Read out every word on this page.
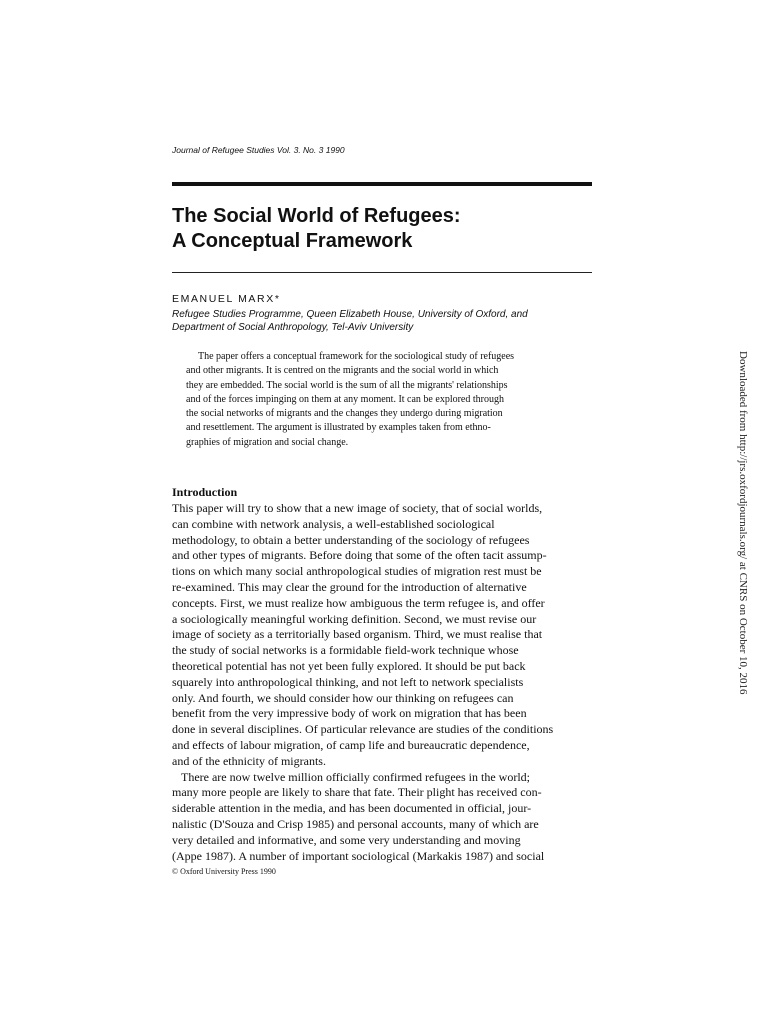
Journal of Refugee Studies Vol. 3. No. 3 1990
The Social World of Refugees:
A Conceptual Framework
EMANUEL MARX*
Refugee Studies Programme, Queen Elizabeth House, University of Oxford, and
Department of Social Anthropology, Tel-Aviv University
The paper offers a conceptual framework for the sociological study of refugees
and other migrants. It is centred on the migrants and the social world in which
they are embedded. The social world is the sum of all the migrants' relationships
and of the forces impinging on them at any moment. It can be explored through
the social networks of migrants and the changes they undergo during migration
and resettlement. The argument is illustrated by examples taken from ethno-
graphies of migration and social change.
Introduction
This paper will try to show that a new image of society, that of social worlds,
can combine with network analysis, a well-established sociological
methodology, to obtain a better understanding of the sociology of refugees
and other types of migrants. Before doing that some of the often tacit assump-
tions on which many social anthropological studies of migration rest must be
re-examined. This may clear the ground for the introduction of alternative
concepts. First, we must realize how ambiguous the term refugee is, and offer
a sociologically meaningful working definition. Second, we must revise our
image of society as a territorially based organism. Third, we must realise that
the study of social networks is a formidable field-work technique whose
theoretical potential has not yet been fully explored. It should be put back
squarely into anthropological thinking, and not left to network specialists
only. And fourth, we should consider how our thinking on refugees can
benefit from the very impressive body of work on migration that has been
done in several disciplines. Of particular relevance are studies of the conditions
and effects of labour migration, of camp life and bureaucratic dependence,
and of the ethnicity of migrants.
There are now twelve million officially confirmed refugees in the world;
many more people are likely to share that fate. Their plight has received con-
siderable attention in the media, and has been documented in official, jour-
nalistic (D'Souza and Crisp 1985) and personal accounts, many of which are
very detailed and informative, and some very understanding and moving
(Appe 1987). A number of important sociological (Markakis 1987) and social
© Oxford University Press 1990
Downloaded from http://jrs.oxfordjournals.org/ at CNRS on October 10, 2016
